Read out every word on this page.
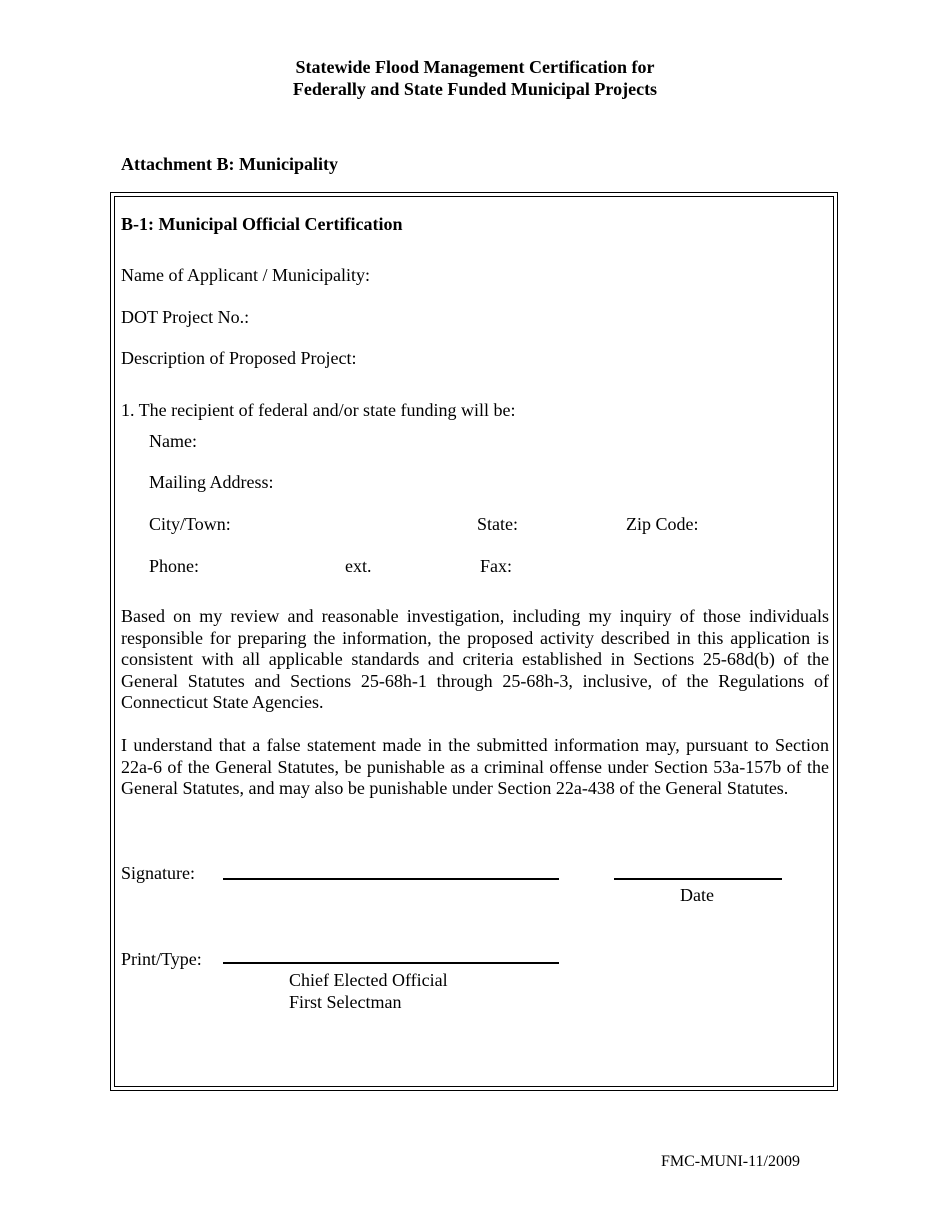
Statewide Flood Management Certification for
Federally and State Funded Municipal Projects
Attachment B: Municipality
B-1: Municipal Official Certification
Name of Applicant / Municipality:
DOT Project No.:
Description of Proposed Project:
1. The recipient of federal and/or state funding will be:
Name:
Mailing Address:
City/Town:	State:	Zip Code:
Phone:	ext.	Fax:
Based on my review and reasonable investigation, including my inquiry of those individuals responsible for preparing the information, the proposed activity described in this application is consistent with all applicable standards and criteria established in Sections 25-68d(b) of the General Statutes and Sections 25-68h-1 through 25-68h-3, inclusive, of the Regulations of Connecticut State Agencies.
I understand that a false statement made in the submitted information may, pursuant to Section 22a-6 of the General Statutes, be punishable as a criminal offense under Section 53a-157b of the General Statutes, and may also be punishable under Section 22a-438 of the General Statutes.
Signature:
Date
Print/Type:
Chief Elected Official
First Selectman
FMC-MUNI-11/2009
